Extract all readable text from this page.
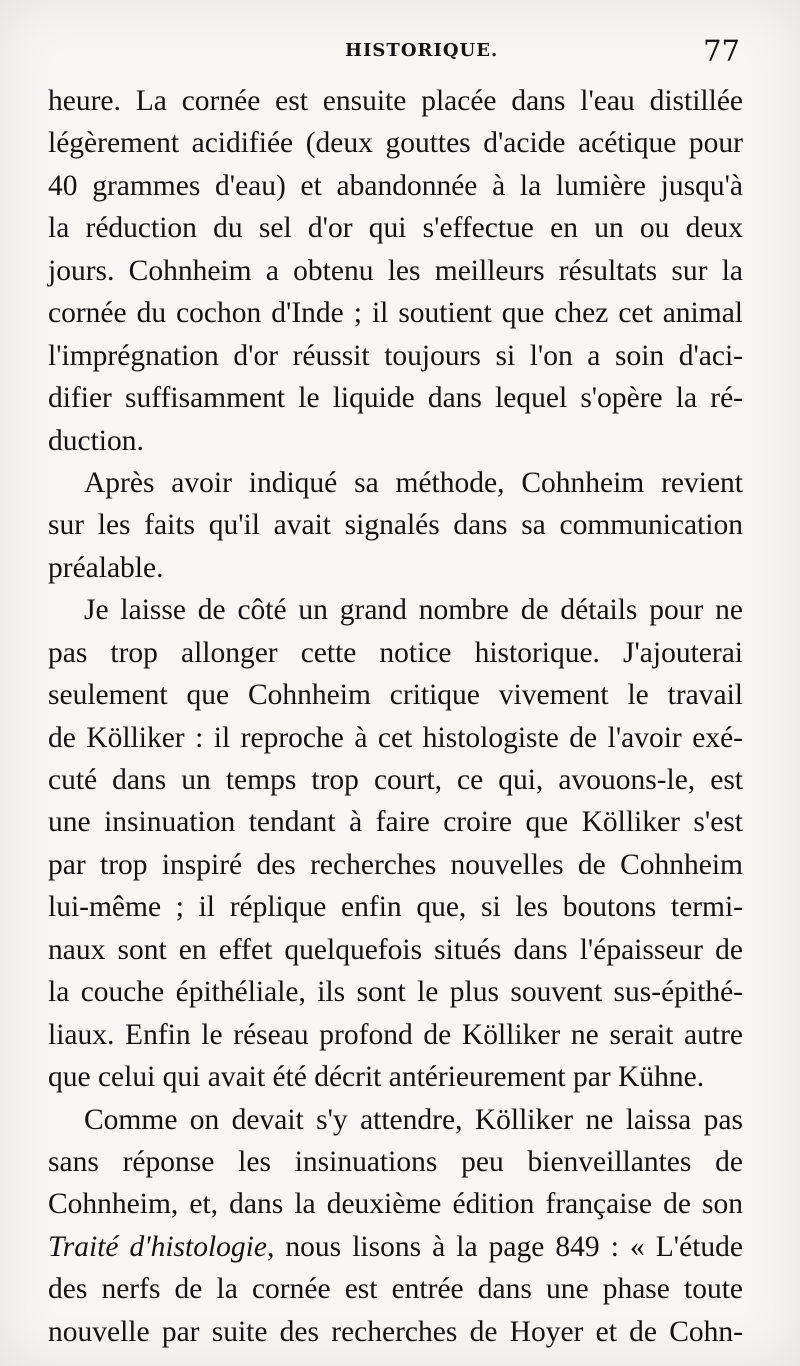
HISTORIQUE.	77
heure. La cornée est ensuite placée dans l'eau distillée
légèrement acidifiée (deux gouttes d'acide acétique pour
40 grammes d'eau) et abandonnée à la lumière jusqu'à
la réduction du sel d'or qui s'effectue en un ou deux
jours. Cohnheim a obtenu les meilleurs résultats sur la
cornée du cochon d'Inde ; il soutient que chez cet animal
l'imprégnation d'or réussit toujours si l'on a soin d'aci-
difier suffisamment le liquide dans lequel s'opère la ré-
duction.
Après avoir indiqué sa méthode, Cohnheim revient
sur les faits qu'il avait signalés dans sa communication
préalable.
Je laisse de côté un grand nombre de détails pour ne
pas trop allonger cette notice historique. J'ajouterai
seulement que Cohnheim critique vivement le travail
de Kölliker : il reproche à cet histologiste de l'avoir exé-
cuté dans un temps trop court, ce qui, avouons-le, est
une insinuation tendant à faire croire que Kölliker s'est
par trop inspiré des recherches nouvelles de Cohnheim
lui-même ; il réplique enfin que, si les boutons termi-
naux sont en effet quelquefois situés dans l'épaisseur de
la couche épithéliale, ils sont le plus souvent sus-épithé-
liaux. Enfin le réseau profond de Kölliker ne serait autre
que celui qui avait été décrit antérieurement par Kühne.
Comme on devait s'y attendre, Kölliker ne laissa pas
sans réponse les insinuations peu bienveillantes de
Cohnheim, et, dans la deuxième édition française de son
Traité d'histologie, nous lisons à la page 849 : « L'étude
des nerfs de la cornée est entrée dans une phase toute
nouvelle par suite des recherches de Hoyer et de Cohn-
